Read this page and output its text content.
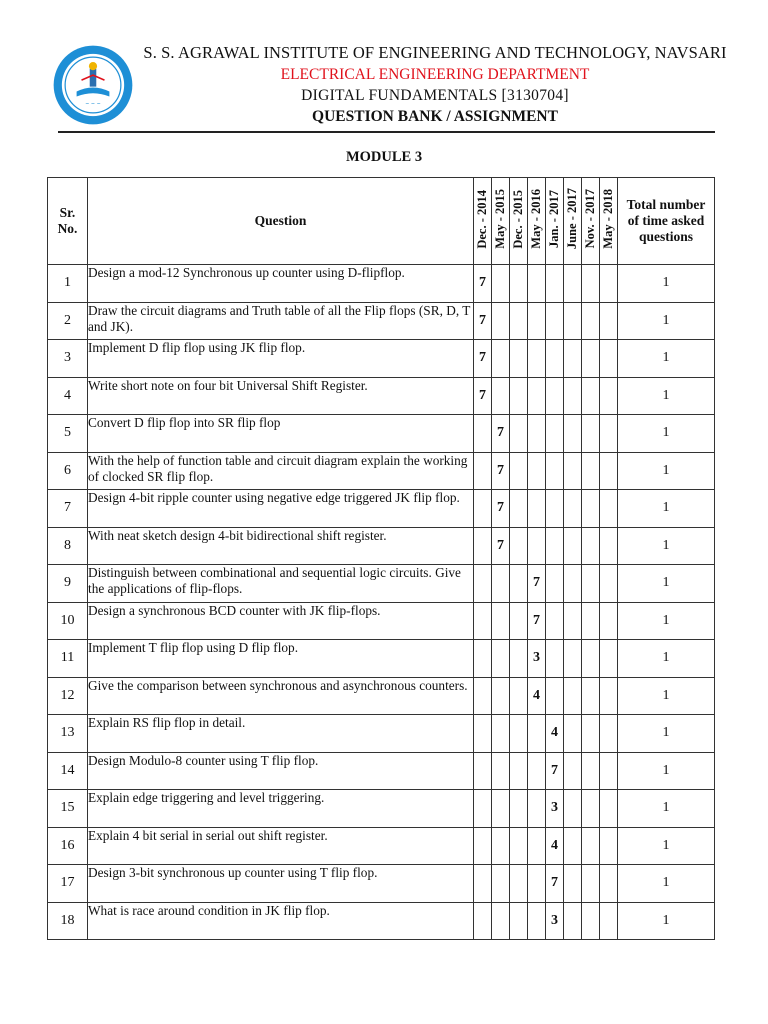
~ ~ ~
S. S. AGRAWAL INSTITUTE OF ENGINEERING AND TECHNOLOGY, NAVSARI
ELECTRICAL ENGINEERING DEPARTMENT
DIGITAL FUNDAMENTALS [3130704]
QUESTION BANK / ASSIGNMENT
MODULE 3
Sr. No.	Question	Dec. - 2014	May - 2015	Dec. - 2015	May - 2016	Jan. - 2017	June - 2017	Nov. - 2017	May - 2018	Total number of time asked questions
1	Design a mod-12 Synchronous up counter using D-flipflop.	7								1
2	Draw the circuit diagrams and Truth table of all the Flip flops (SR, D, T and JK).	7								1
3	Implement D flip flop using JK flip flop.	7								1
4	Write short note on four bit Universal Shift Register.	7								1
5	Convert D flip flop into SR flip flop		7							1
6	With the help of function table and circuit diagram explain the working of clocked SR flip flop.		7							1
7	Design 4-bit ripple counter using negative edge triggered JK flip flop.		7							1
8	With neat sketch design 4-bit bidirectional shift register.		7							1
9	Distinguish between combinational and sequential logic circuits. Give the applications of flip-flops.				7					1
10	Design a synchronous BCD counter with JK flip-flops.				7					1
11	Implement T flip flop using D flip flop.				3					1
12	Give the comparison between synchronous and asynchronous counters.				4					1
13	Explain RS flip flop in detail.					4				1
14	Design Modulo-8 counter using T flip flop.					7				1
15	Explain edge triggering and level triggering.					3				1
16	Explain 4 bit serial in serial out shift register.					4				1
17	Design 3-bit synchronous up counter using T flip flop.					7				1
18	What is race around condition in JK flip flop.					3				1
